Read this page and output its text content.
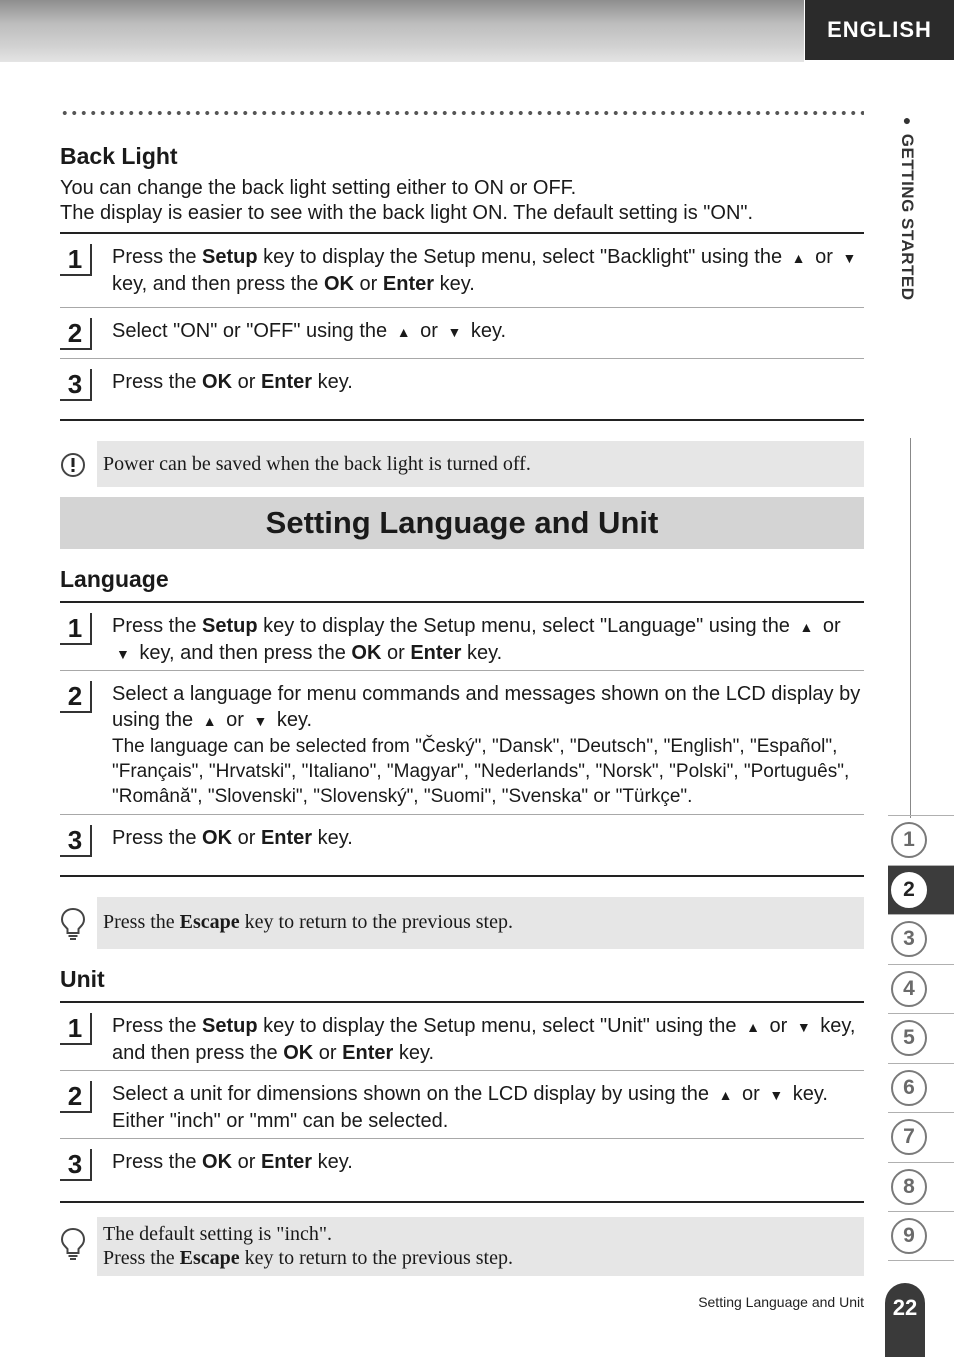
ENGLISH
● GETTING STARTED
1
2
3
4
5
6
7
8
9
Setting Language and Unit	22
Back Light
You can change the back light setting either to ON or OFF.
The display is easier to see with the back light ON. The default setting is "ON".
1	Press the Setup key to display the Setup menu, select "Backlight" using the ▲ or ▼ key, and then press the OK or Enter key.
2	Select "ON" or "OFF" using the ▲ or ▼ key.
3	Press the OK or Enter key.
Power can be saved when the back light is turned off.
Setting Language and Unit
Language
1	Press the Setup key to display the Setup menu, select "Language" using the ▲ or ▼ key, and then press the OK or Enter key.
2	Select a language for menu commands and messages shown on the LCD display by using the ▲ or ▼ key.
The language can be selected from "Český", "Dansk", "Deutsch", "English", "Español", "Français", "Hrvatski", "Italiano", "Magyar", "Nederlands", "Norsk", "Polski", "Português", "Română", "Slovenski", "Slovenský", "Suomi", "Svenska" or "Türkçe".
3	Press the OK or Enter key.
Press the Escape key to return to the previous step.
Unit
1	Press the Setup key to display the Setup menu, select "Unit" using the ▲ or ▼ key, and then press the OK or Enter key.
2	Select a unit for dimensions shown on the LCD display by using the ▲ or ▼ key.
Either "inch" or "mm" can be selected.
3	Press the OK or Enter key.
The default setting is "inch".
Press the Escape key to return to the previous step.
